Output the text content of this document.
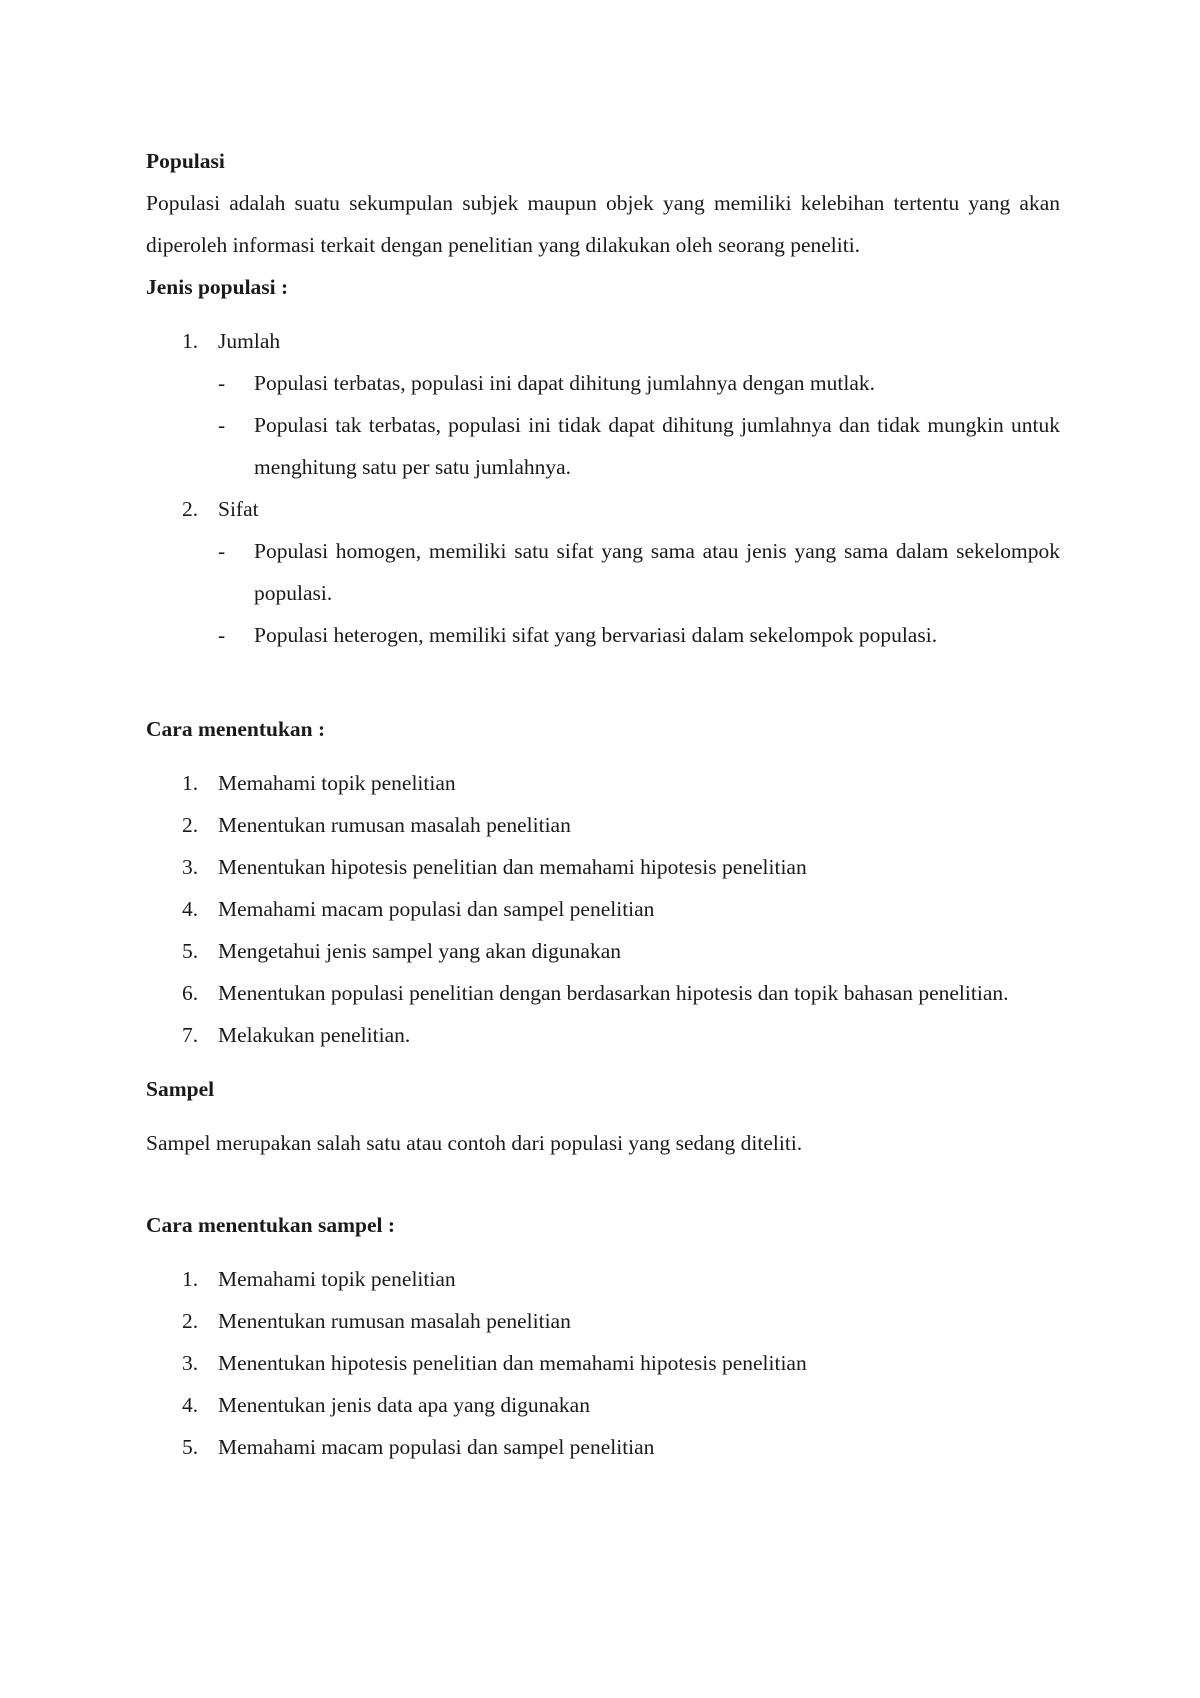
Populasi

Populasi adalah suatu sekumpulan subjek maupun objek yang memiliki kelebihan tertentu yang akan diperoleh informasi terkait dengan penelitian yang dilakukan oleh seorang peneliti.

Jenis populasi :

1. Jumlah
- Populasi terbatas, populasi ini dapat dihitung jumlahnya dengan mutlak.
- Populasi tak terbatas, populasi ini tidak dapat dihitung jumlahnya dan tidak mungkin untuk menghitung satu per satu jumlahnya.
2. Sifat
- Populasi homogen, memiliki satu sifat yang sama atau jenis yang sama dalam sekelompok populasi.
- Populasi heterogen, memiliki sifat yang bervariasi dalam sekelompok populasi.

Cara menentukan :

1. Memahami topik penelitian
2. Menentukan rumusan masalah penelitian
3. Menentukan hipotesis penelitian dan memahami hipotesis penelitian
4. Memahami macam populasi dan sampel penelitian
5. Mengetahui jenis sampel yang akan digunakan
6. Menentukan populasi penelitian dengan berdasarkan hipotesis dan topik bahasan penelitian.
7. Melakukan penelitian.

Sampel

Sampel merupakan salah satu atau contoh dari populasi yang sedang diteliti.

Cara menentukan sampel :

1. Memahami topik penelitian
2. Menentukan rumusan masalah penelitian
3. Menentukan hipotesis penelitian dan memahami hipotesis penelitian
4. Menentukan jenis data apa yang digunakan
5. Memahami macam populasi dan sampel penelitian
